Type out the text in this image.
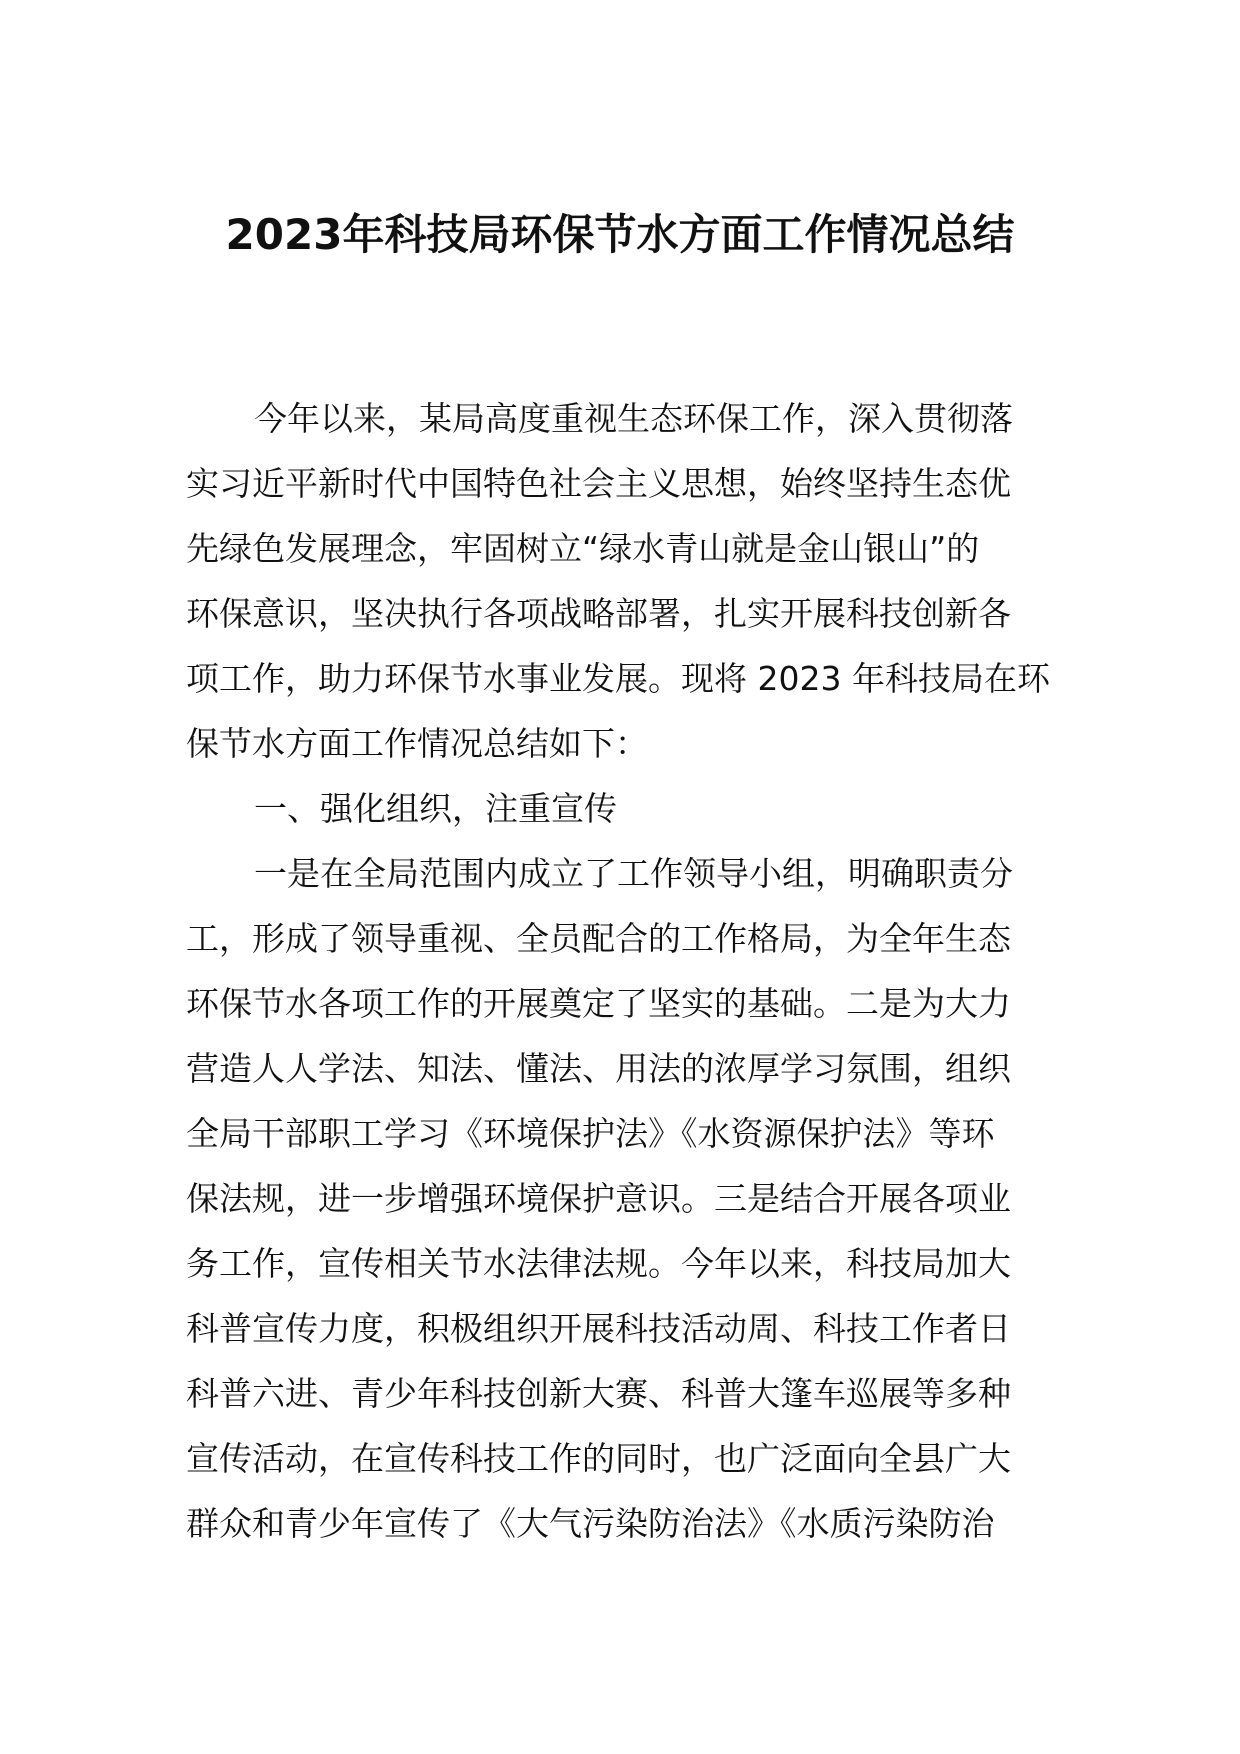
2023年科技局环保节水方面工作情况总结
今年以来，某局高度重视生态环保工作，深入贯彻落
实习近平新时代中国特色社会主义思想，始终坚持生态优
先绿色发展理念，牢固树立“绿水青山就是金山银山”的
环保意识，坚决执行各项战略部署，扎实开展科技创新各
项工作，助力环保节水事业发展。现将 2023 年科技局在环
保节水方面工作情况总结如下：
一、强化组织，注重宣传
一是在全局范围内成立了工作领导小组，明确职责分
工，形成了领导重视、全员配合的工作格局，为全年生态
环保节水各项工作的开展奠定了坚实的基础。二是为大力
营造人人学法、知法、懂法、用法的浓厚学习氛围，组织
全局干部职工学习《环境保护法》《水资源保护法》等环
保法规，进一步增强环境保护意识。三是结合开展各项业
务工作，宣传相关节水法律法规。今年以来，科技局加大
科普宣传力度，积极组织开展科技活动周、科技工作者日
科普六进、青少年科技创新大赛、科普大篷车巡展等多种
宣传活动，在宣传科技工作的同时，也广泛面向全县广大
群众和青少年宣传了《大气污染防治法》《水质污染防治
